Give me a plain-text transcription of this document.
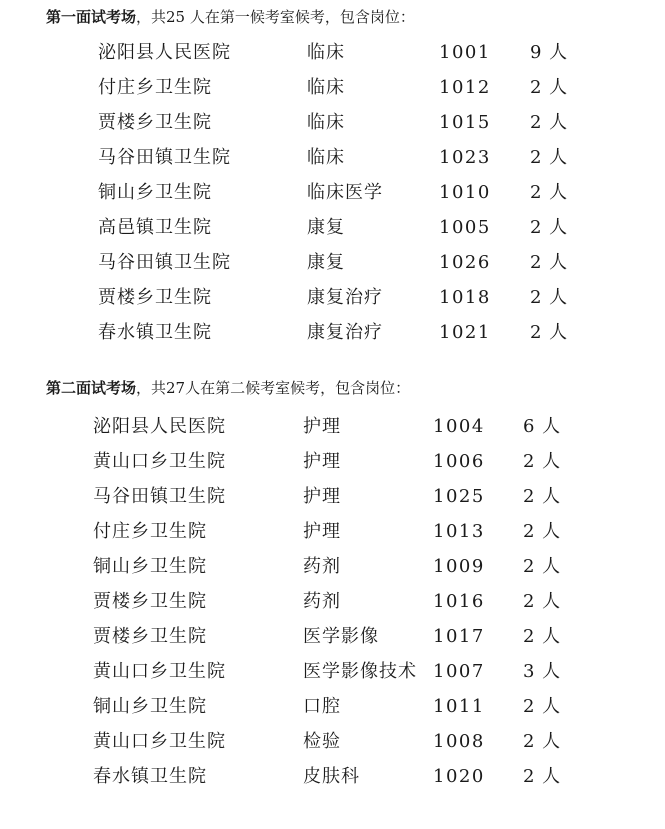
第一面试考场，共25 人在第一候考室候考，包含岗位：
泌阳县人民医院	临床	1001 9 人
付庄乡卫生院	临床	1012 2 人
贾楼乡卫生院	临床	1015 2 人
马谷田镇卫生院	临床	1023 2 人
铜山乡卫生院	临床医学	1010 2 人
高邑镇卫生院	康复	1005 2 人
马谷田镇卫生院	康复	1026 2 人
贾楼乡卫生院	康复治疗	1018 2 人
春水镇卫生院	康复治疗	1021 2 人
第二面试考场，共27人在第二候考室候考，包含岗位：
泌阳县人民医院	护理	1004 6 人
黄山口乡卫生院	护理	1006 2 人
马谷田镇卫生院	护理	1025 2 人
付庄乡卫生院	护理	1013 2 人
铜山乡卫生院	药剂	1009 2 人
贾楼乡卫生院	药剂	1016 2 人
贾楼乡卫生院	医学影像	1017 2 人
黄山口乡卫生院	医学影像技术 1007 3 人
铜山乡卫生院	口腔	1011 2 人
黄山口乡卫生院	检验	1008 2 人
春水镇卫生院	皮肤科	1020 2 人
